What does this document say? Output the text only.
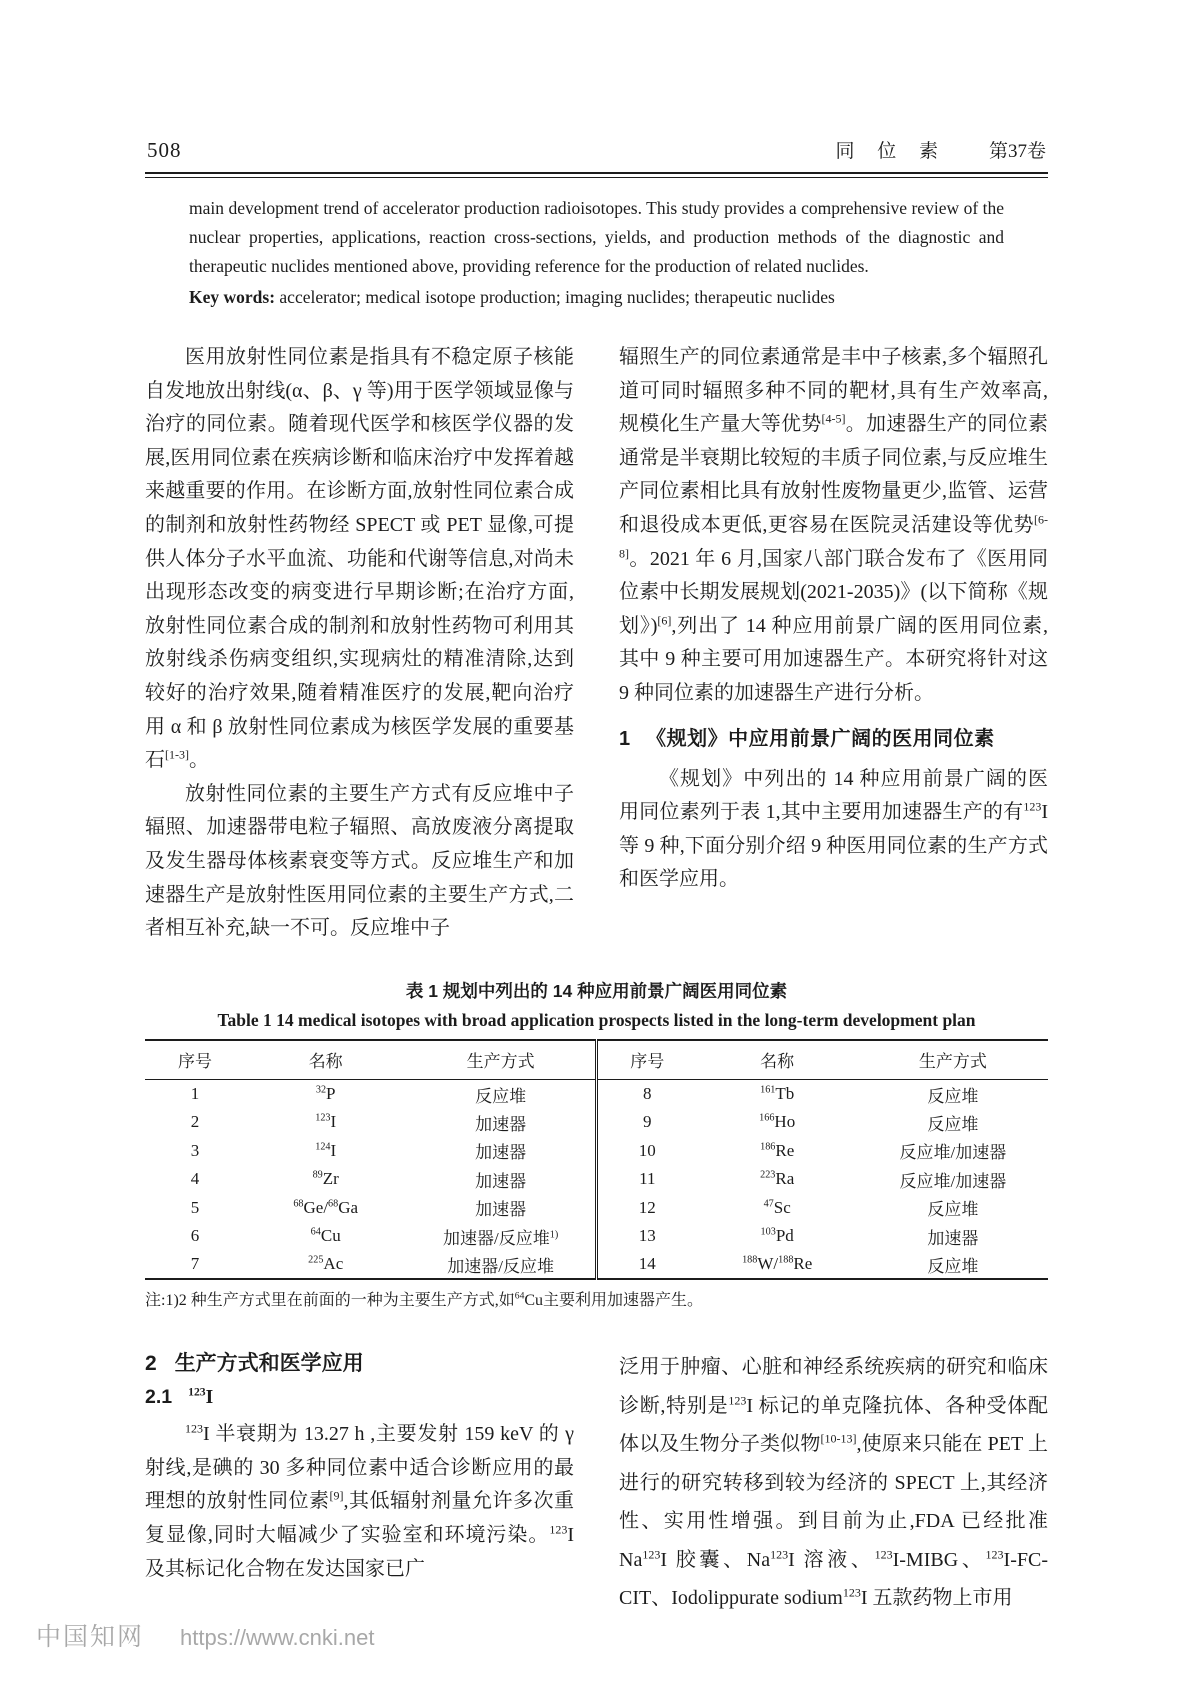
508	同 位 素 第37卷
main development trend of accelerator production radioisotopes. This study provides a comprehensive review of the nuclear properties, applications, reaction cross-sections, yields, and production methods of the diagnostic and therapeutic nuclides mentioned above, providing reference for the production of related nuclides.
Key words: accelerator; medical isotope production; imaging nuclides; therapeutic nuclides

医用放射性同位素是指具有不稳定原子核能自发地放出射线(α、β、γ 等)用于医学领域显像与治疗的同位素。随着现代医学和核医学仪器的发展,医用同位素在疾病诊断和临床治疗中发挥着越来越重要的作用。在诊断方面,放射性同位素合成的制剂和放射性药物经 SPECT 或 PET 显像,可提供人体分子水平血流、功能和代谢等信息,对尚未出现形态改变的病变进行早期诊断;在治疗方面,放射性同位素合成的制剂和放射性药物可利用其放射线杀伤病变组织,实现病灶的精准清除,达到较好的治疗效果,随着精准医疗的发展,靶向治疗用 α 和 β 放射性同位素成为核医学发展的重要基石[1-3]。

放射性同位素的主要生产方式有反应堆中子辐照、加速器带电粒子辐照、高放废液分离提取及发生器母体核素衰变等方式。反应堆生产和加速器生产是放射性医用同位素的主要生产方式,二者相互补充,缺一不可。反应堆中子

辐照生产的同位素通常是丰中子核素,多个辐照孔道可同时辐照多种不同的靶材,具有生产效率高,规模化生产量大等优势[4-5]。加速器生产的同位素通常是半衰期比较短的丰质子同位素,与反应堆生产同位素相比具有放射性废物量更少,监管、运营和退役成本更低,更容易在医院灵活建设等优势[6-8]。2021 年 6 月,国家八部门联合发布了《医用同位素中长期发展规划(2021-2035)》(以下简称《规划》)[6],列出了 14 种应用前景广阔的医用同位素,其中 9 种主要可用加速器生产。本研究将针对这 9 种同位素的加速器生产进行分析。

1 《规划》中应用前景广阔的医用同位素

《规划》中列出的 14 种应用前景广阔的医用同位素列于表 1,其中主要用加速器生产的有$^{123}$I 等 9 种,下面分别介绍 9 种医用同位素的生产方式和医学应用。

表 1 规划中列出的 14 种应用前景广阔医用同位素
Table 1 14 medical isotopes with broad application prospects listed in the long-term development plan
序号	名称	生产方式	序号	名称	生产方式
1	$^{32}$P	反应堆	8	$^{161}$Tb	反应堆
2	$^{123}$I	加速器	9	$^{166}$Ho	反应堆
3	$^{124}$I	加速器	10	$^{186}$Re	反应堆/加速器
4	$^{89}$Zr	加速器	11	$^{223}$Ra	反应堆/加速器
5	$^{68}$Ge/$^{68}$Ga	加速器	12	$^{47}$Sc	反应堆
6	$^{64}$Cu	加速器/反应堆$^{1)}$	13	$^{103}$Pd	加速器
7	$^{225}$Ac	加速器/反应堆	14	$^{188}$W/$^{188}$Re	反应堆
注:1)2 种生产方式里在前面的一种为主要生产方式,如$^{64}$Cu主要利用加速器产生。
2 生产方式和医学应用
2.1 $^{123}$I

$^{123}$I 半衰期为 13.27 h ,主要发射 159 keV 的 γ 射线,是碘的 30 多种同位素中适合诊断应用的最理想的放射性同位素[9],其低辐射剂量允许多次重复显像,同时大幅减少了实验室和环境污染。$^{123}$I 及其标记化合物在发达国家已广

泛用于肿瘤、心脏和神经系统疾病的研究和临床诊断,特别是$^{123}$I 标记的单克隆抗体、各种受体配体以及生物分子类似物[10-13],使原来只能在 PET 上进行的研究转移到较为经济的 SPECT 上,其经济性、实用性增强。到目前为止,FDA 已经批准 Na$^{123}$I 胶囊、Na$^{123}$I 溶液、$^{123}$I-MIBG、$^{123}$I-FC-CIT、Iodolippurate sodium$^{123}$I 五款药物上市用

中国知网 https://www.cnki.net
